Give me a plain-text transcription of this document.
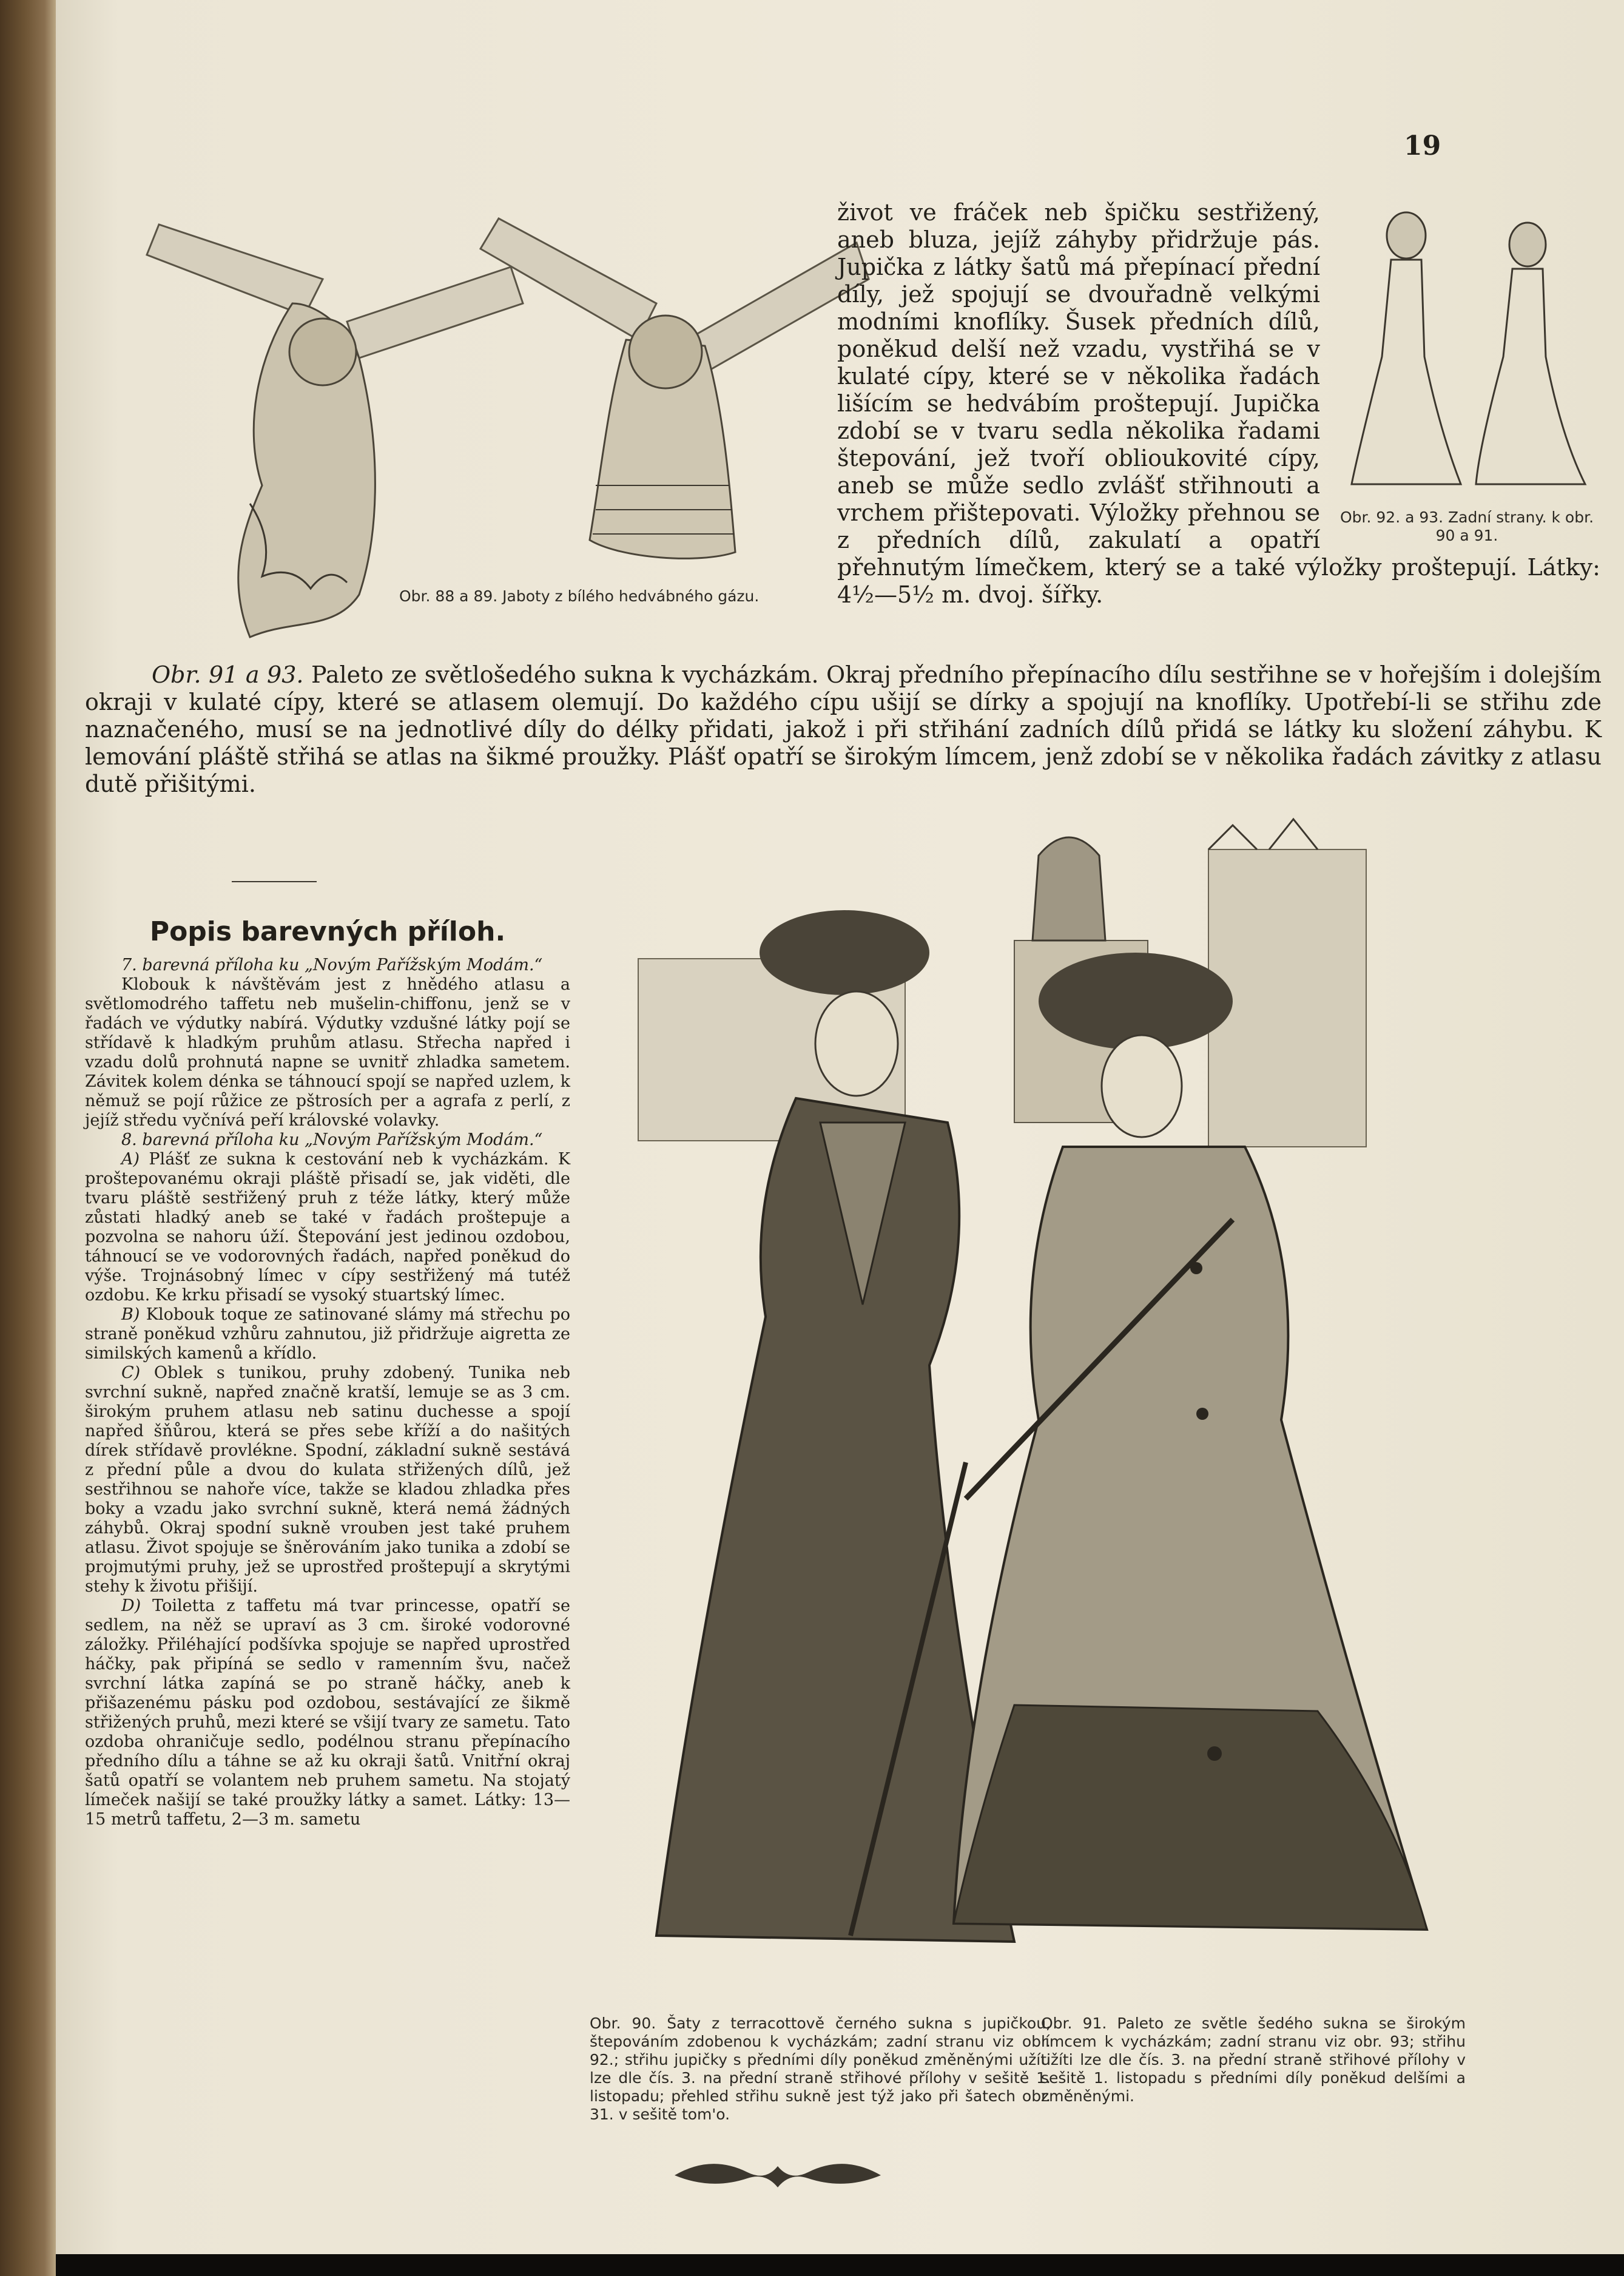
19
Obr. 88 a 89. Jaboty z bílého hedvábného gázu.
Obr. 92. a 93. Zadní strany. k obr. 90 a 91.
život ve fráček neb špičku sestřižený, aneb bluza, jejíž záhyby přidržuje pás. Jupička z látky šatů má přepínací přední díly, jež spojují se dvouřadně velkými modními knoflíky. Šusek předních dílů, poněkud delší než vzadu, vystřihá se v kulaté cípy, které se v několika řadách lišícím se hedvábím proštepují. Jupička zdobí se v tvaru sedla několika řadami štepování, jež tvoří oblioukovité cípy, aneb se může sedlo zvlášť střihnouti a vrchem přištepovati. Výložky přehnou se z předních dílů, zakulatí a opatří přehnutým límečkem, který se a také výložky proštepují. Látky: 4½—5½ m. dvoj. šířky.
Obr. 91 a 93. Paleto ze světlošedého sukna k vycházkám. Okraj předního přepínacího dílu sestřihne se v hořejším i dolejším okraji v kulaté cípy, které se atlasem olemují. Do každého cípu ušijí se dírky a spojují na knoflíky. Upotřebí-li se střihu zde naznačeného, musí se na jednotlivé díly do délky přidati, jakož i při střihání zadních dílů přidá se látky ku složení záhybu. K lemování pláště střihá se atlas na šikmé proužky. Plášť opatří se širokým límcem, jenž zdobí se v několika řadách závitky z atlasu dutě přišitými.
Popis barevných příloh.

7. barevná příloha ku „Novým Pařížským Modám.“

Klobouk k návštěvám jest z hnědého atlasu a světlomodrého taffetu neb mušelin-chiffonu, jenž se v řadách ve výdutky nabírá. Výdutky vzdušné látky pojí se střídavě k hladkým pruhům atlasu. Střecha napřed i vzadu dolů prohnutá napne se uvnitř zhladka sametem. Závitek kolem dénka se táhnoucí spojí se napřed uzlem, k němuž se pojí růžice ze pštrosích per a agrafa z perlí, z jejíž středu vyčnívá peří královské volavky.

8. barevná příloha ku „Novým Pařížským Modám.“

A) Plášť ze sukna k cestování neb k vycházkám. K proštepovanému okraji pláště přisadí se, jak viděti, dle tvaru pláště sestřižený pruh z téže látky, který může zůstati hladký aneb se také v řadách proštepuje a pozvolna se nahoru úží. Štepování jest jedinou ozdobou, táhnoucí se ve vodorovných řadách, napřed poněkud do výše. Trojnásobný límec v cípy sestřižený má tutéž ozdobu. Ke krku přisadí se vysoký stuartský límec.

B) Klobouk toque ze satinované slámy má střechu po straně poněkud vzhůru zahnutou, již přidržuje aigretta ze similských kamenů a křídlo.

C) Oblek s tunikou, pruhy zdobený. Tunika neb svrchní sukně, napřed značně kratší, lemuje se as 3 cm. širokým pruhem atlasu neb satinu duchesse a spojí napřed šňůrou, která se přes sebe kříží a do našitých dírek střídavě provlékne. Spodní, základní sukně sestává z přední půle a dvou do kulata střižených dílů, jež sestřihnou se nahoře více, takže se kladou zhladka přes boky a vzadu jako svrchní sukně, která nemá žádných záhybů. Okraj spodní sukně vrouben jest také pruhem atlasu. Život spojuje se šněrováním jako tunika a zdobí se projmutými pruhy, jež se uprostřed proštepují a skrytými stehy k životu přišijí.

D) Toiletta z taffetu má tvar princesse, opatří se sedlem, na něž se upraví as 3 cm. široké vodorovné záložky. Přiléhající podšívka spojuje se napřed uprostřed háčky, pak připíná se sedlo v ramenním švu, načež svrchní látka zapíná se po straně háčky, aneb k přišazenému pásku pod ozdobou, sestávající ze šikmě střižených pruhů, mezi které se všijí tvary ze sametu. Tato ozdoba ohraničuje sedlo, podélnou stranu přepínacího předního dílu a táhne se až ku okraji šatů. Vnitřní okraj šatů opatří se volantem neb pruhem sametu. Na stojatý límeček našijí se také proužky látky a samet. Látky: 13—15 metrů taffetu, 2—3 m. sametu

Obr. 90. Šaty z terracottově černého sukna s jupičkou, štepováním zdobenou k vycházkám; zadní stranu viz obr. 92.; střihu jupičky s předními díly poněkud změněnými užíti lze dle čís. 3. na přední straně střihové přílohy v sešitě 1. listopadu; přehled střihu sukně jest týž jako při šatech obr. 31. v sešitě tom'o.
Obr. 91. Paleto ze světle šedého sukna se širokým límcem k vycházkám; zadní stranu viz obr. 93; střihu užíti lze dle čís. 3. na přední straně střihové přílohy v sešitě 1. listopadu s předními díly poněkud delšími a změněnými.
